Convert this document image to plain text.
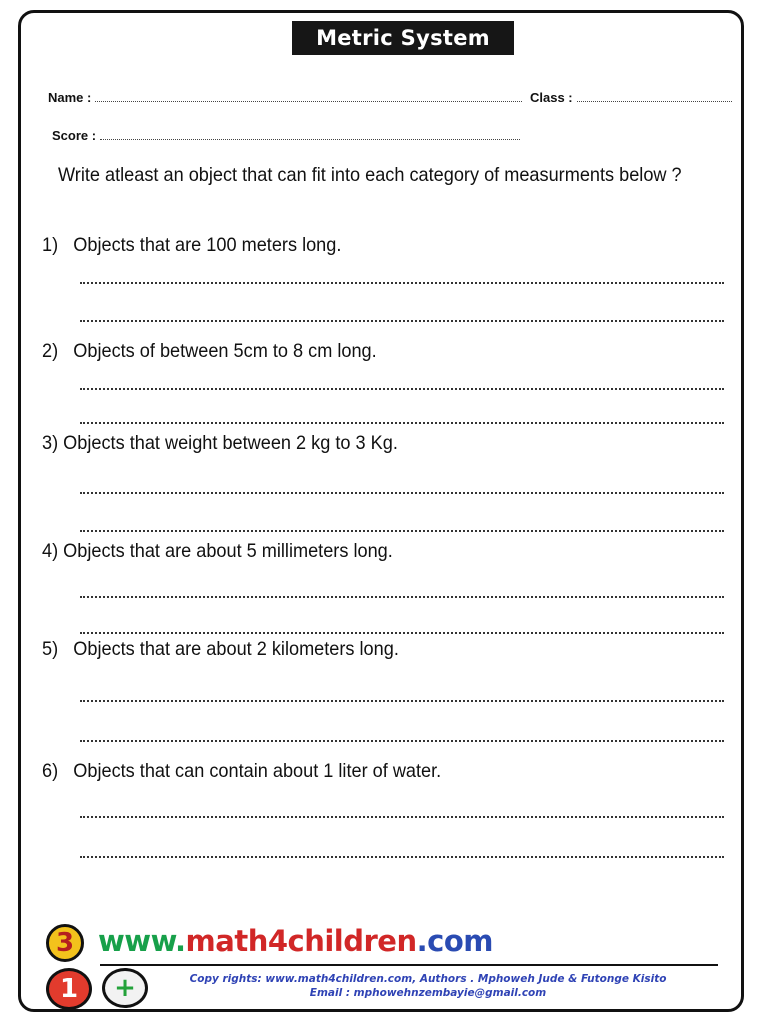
Metric System
Name :	Class :
Score :
Write atleast an object that can fit into each category of measurments below ?
1) Objects that are 100 meters long.
2) Objects of between 5cm to 8 cm long.
3) Objects that weight between 2 kg to 3 Kg.
4) Objects that are about 5 millimeters long.
5) Objects that are about 2 kilometers long.
6) Objects that can contain about 1 liter of water.
3 www.math4children.com
1	+	Copy rights: www.math4children.com, Authors . Mphoweh Jude & Futonge Kisito
Email : mphowehnzembayie@gmail.com
